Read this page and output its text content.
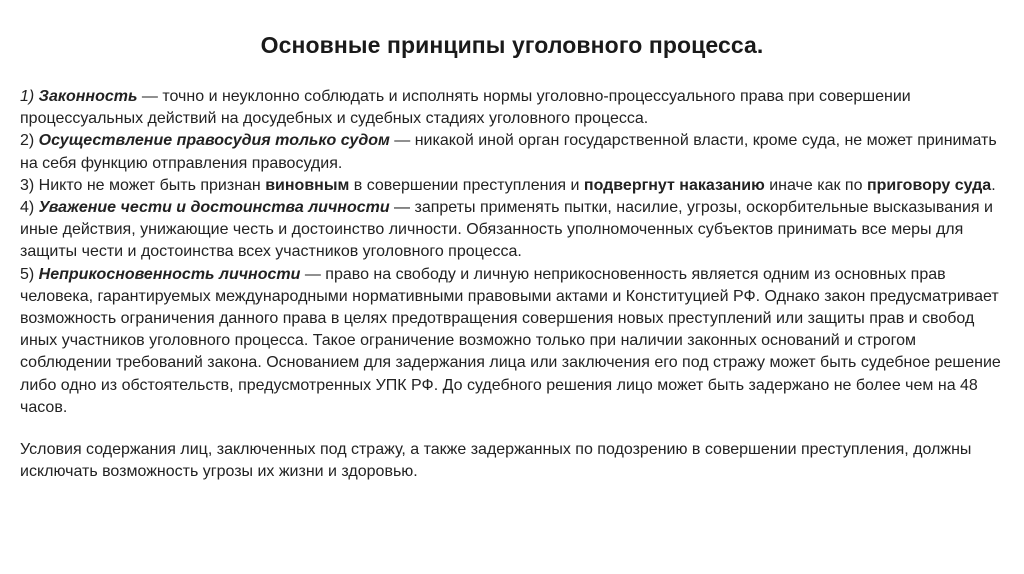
Основные принципы уголовного процесса.

1) Законность — точно и неуклонно соблюдать и исполнять нормы уголовно-процессуального права при совершении процессуальных действий на досудебных и судебных стадиях уголовного процесса.

2) Осуществление правосудия только судом — никакой иной орган государственной власти, кроме суда, не может принимать на себя функцию отправления правосудия.

3) Никто не может быть признан виновным в совершении преступления и подвергнут наказанию иначе как по приговору суда.

4) Уважение чести и достоинства личности — запреты применять пытки, насилие, угрозы, оскорбительные высказывания и иные действия, унижающие честь и достоинство личности. Обязанность уполномоченных субъектов принимать все меры для защиты чести и достоинства всех участников уголовного процесса.

5) Неприкосновенность личности — право на свободу и личную неприкосновенность является одним из основных прав человека, гарантируемых международными нормативными правовыми актами и Конституцией РФ. Однако закон предусматривает возможность ограничения данного права в целях предотвращения совершения новых преступлений или защиты прав и свобод иных участников уголовного процесса. Такое ограничение возможно только при наличии законных оснований и строгом соблюдении требований закона. Основанием для задержания лица или заключения его под стражу может быть судебное решение либо одно из обстоятельств, предусмотренных УПК РФ. До судебного решения лицо может быть задержано не более чем на 48 часов.

Условия содержания лиц, заключенных под стражу, а также задержанных по подозрению в совершении преступления, должны исключать возможность угрозы их жизни и здоровью.
